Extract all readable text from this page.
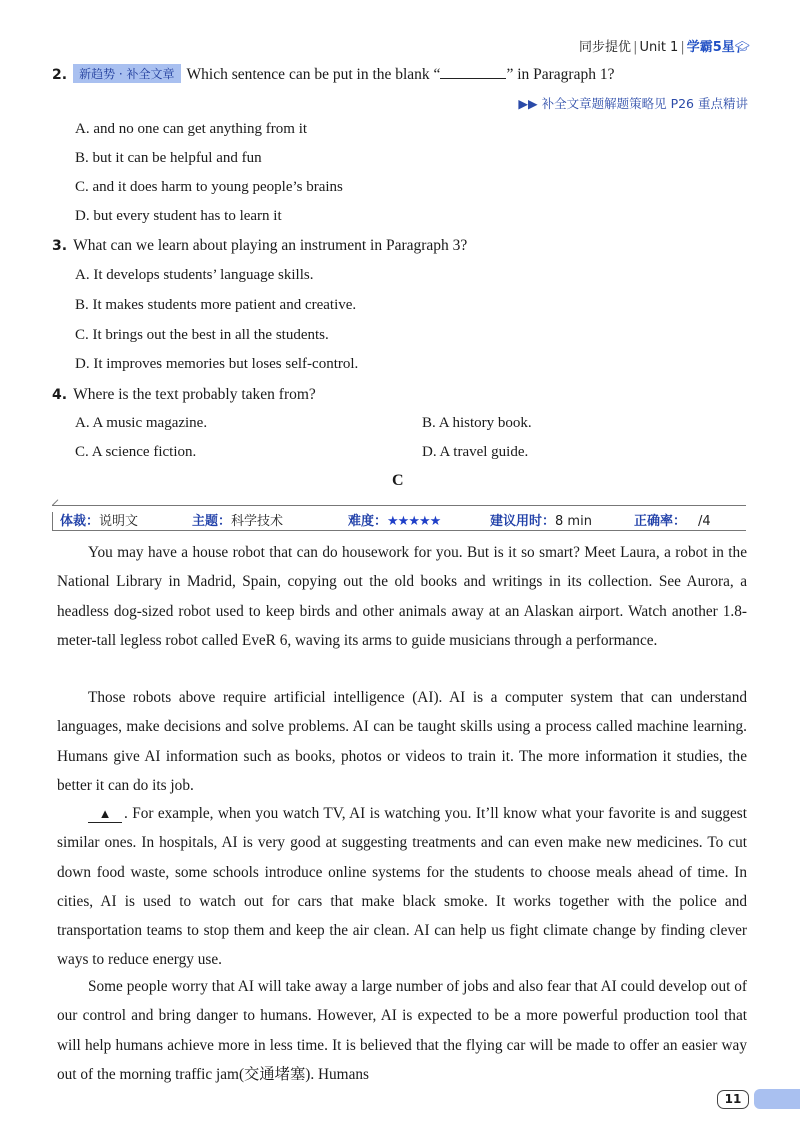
同步提优 | Unit 1 | 学霸5星🎓︎
2. 新趋势 · 补全文章 Which sentence can be put in the blank “	” in Paragraph 1?
▶▶ 补全文章题解题策略见 P26 重点精讲
A. and no one can get anything from it
B. but it can be helpful and fun
C. and it does harm to young people’s brains
D. but every student has to learn it
3. What can we learn about playing an instrument in Paragraph 3?
A. It develops students’ language skills.
B. It makes students more patient and creative.
C. It brings out the best in all the students.
D. It improves memories but loses self-control.
4. Where is the text probably taken from?
A. A music magazine.	B. A history book.
C. A science fiction.	D. A travel guide.
C
体裁：说明文	主题：科学技术	难度：★★★★★	建议用时：8 min	正确率： /4
You may have a house robot that can do housework for you. But is it so smart? Meet Laura, a robot in the National Library in Madrid, Spain, copying out the old books and writings in its collection. See Aurora, a headless dog-sized robot used to keep birds and other animals away at an Alaskan airport. Watch another 1.8-meter-tall legless robot called EveR 6, waving its arms to guide musicians through a performance.
Those robots above require artificial intelligence (AI). AI is a computer system that can understand languages, make decisions and solve problems. AI can be taught skills using a process called machine learning. Humans give AI information such as books, photos or videos to train it. The more information it studies, the better it can do its job.
▲ . For example, when you watch TV, AI is watching you. It’ll know what your favorite is and suggest similar ones. In hospitals, AI is very good at suggesting treatments and can even make new medicines. To cut down food waste, some schools introduce online systems for the students to choose meals ahead of time. In cities, AI is used to watch out for cars that make black smoke. It works together with the police and transportation teams to stop them and keep the air clean. AI can help us fight climate change by finding clever ways to reduce energy use.
Some people worry that AI will take away a large number of jobs and also fear that AI could develop out of our control and bring danger to humans. However, AI is expected to be a more powerful production tool that will help humans achieve more in less time. It is believed that the flying car will be made to offer an easier way out of the morning traffic jam(交通堵塞). Humans
11
